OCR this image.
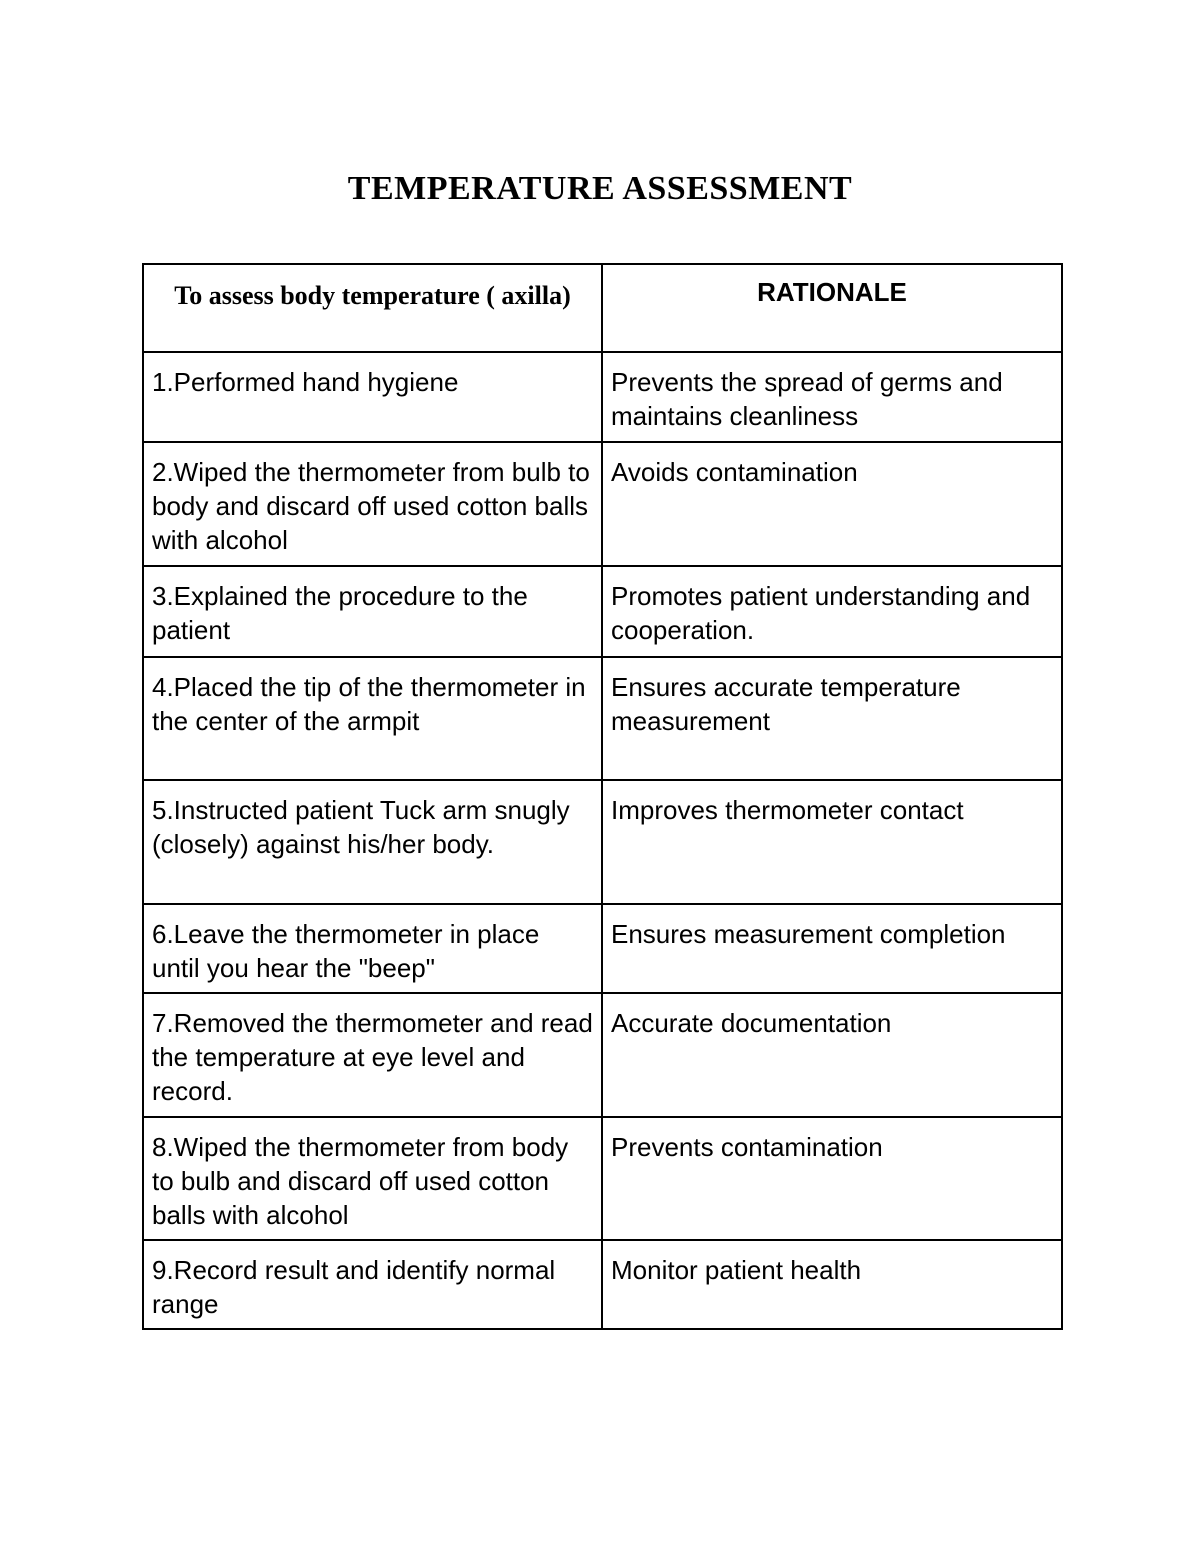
TEMPERATURE ASSESSMENT
To assess body temperature ( axilla)	RATIONALE
1.Performed hand hygiene	Prevents the spread of germs and maintains cleanliness
2.Wiped the thermometer from bulb to body and discard off used cotton balls with alcohol	Avoids contamination
3.Explained the procedure to the patient	Promotes patient understanding and cooperation.
4.Placed the tip of the thermometer in the center of the armpit	Ensures accurate temperature measurement
5.Instructed patient Tuck arm snugly (closely) against his/her body.	Improves thermometer contact
6.Leave the thermometer in place until you hear the "beep"	Ensures measurement completion
7.Removed the thermometer and read the temperature at eye level and record.	Accurate documentation
8.Wiped the thermometer from body to bulb and discard off used cotton balls with alcohol	Prevents contamination
9.Record result and identify normal range	Monitor patient health
